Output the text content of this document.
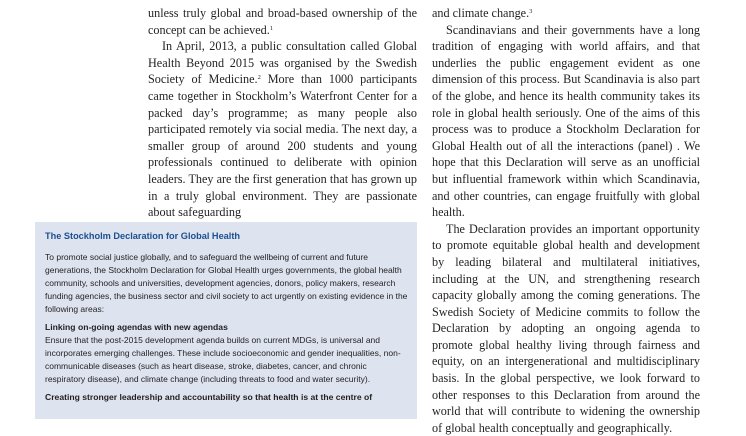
unless truly global and broad-based ownership of the concept can be achieved.$^1$

In April, 2013, a public consultation called Global Health Beyond 2015 was organised by the Swedish Society of Medicine.$^2$ More than 1000 participants came together in Stockholm’s Waterfront Center for a packed day’s programme; as many people also participated remotely via social media. The next day, a smaller group of around 200 students and young professionals continued to deliberate with opinion leaders. They are the first generation that has grown up in a truly global environment. They are passionate about safeguarding

The Stockholm Declaration for Global Health

To promote social justice globally, and to safeguard the wellbeing of current and future generations, the Stockholm Declaration for Global Health urges governments, the global health community, schools and universities, development agencies, donors, policy makers, research funding agencies, the business sector and civil society to act urgently on existing evidence in the following areas:

Linking on-going agendas with new agendas

Ensure that the post-2015 development agenda builds on current MDGs, is universal and incorporates emerging challenges. These include socioeconomic and gender inequalities, non-communicable diseases (such as heart disease, stroke, diabetes, cancer, and chronic respiratory disease), and climate change (including threats to food and water security).

Creating stronger leadership and accountability so that health is at the centre of

and climate change.$^3$

Scandinavians and their governments have a long tradition of engaging with world affairs, and that underlies the public engagement evident as one dimension of this process. But Scandinavia is also part of the globe, and hence its health community takes its role in global health seriously. One of the aims of this process was to produce a Stockholm Declaration for Global Health out of all the interactions (panel) . We hope that this Declaration will serve as an unofficial but influential framework within which Scandinavia, and other countries, can engage fruitfully with global health.

The Declaration provides an important opportunity to promote equitable global health and development by leading bilateral and multilateral initiatives, including at the UN, and strengthening research capacity globally among the coming generations. The Swedish Society of Medicine commits to follow the Declaration by adopting an ongoing agenda to promote global healthy living through fairness and equity, on an intergenerational and multidisciplinary basis. In the global perspective, we look forward to other responses to this Declaration from around the world that will contribute to widening the ownership of global health conceptually and geographically.
